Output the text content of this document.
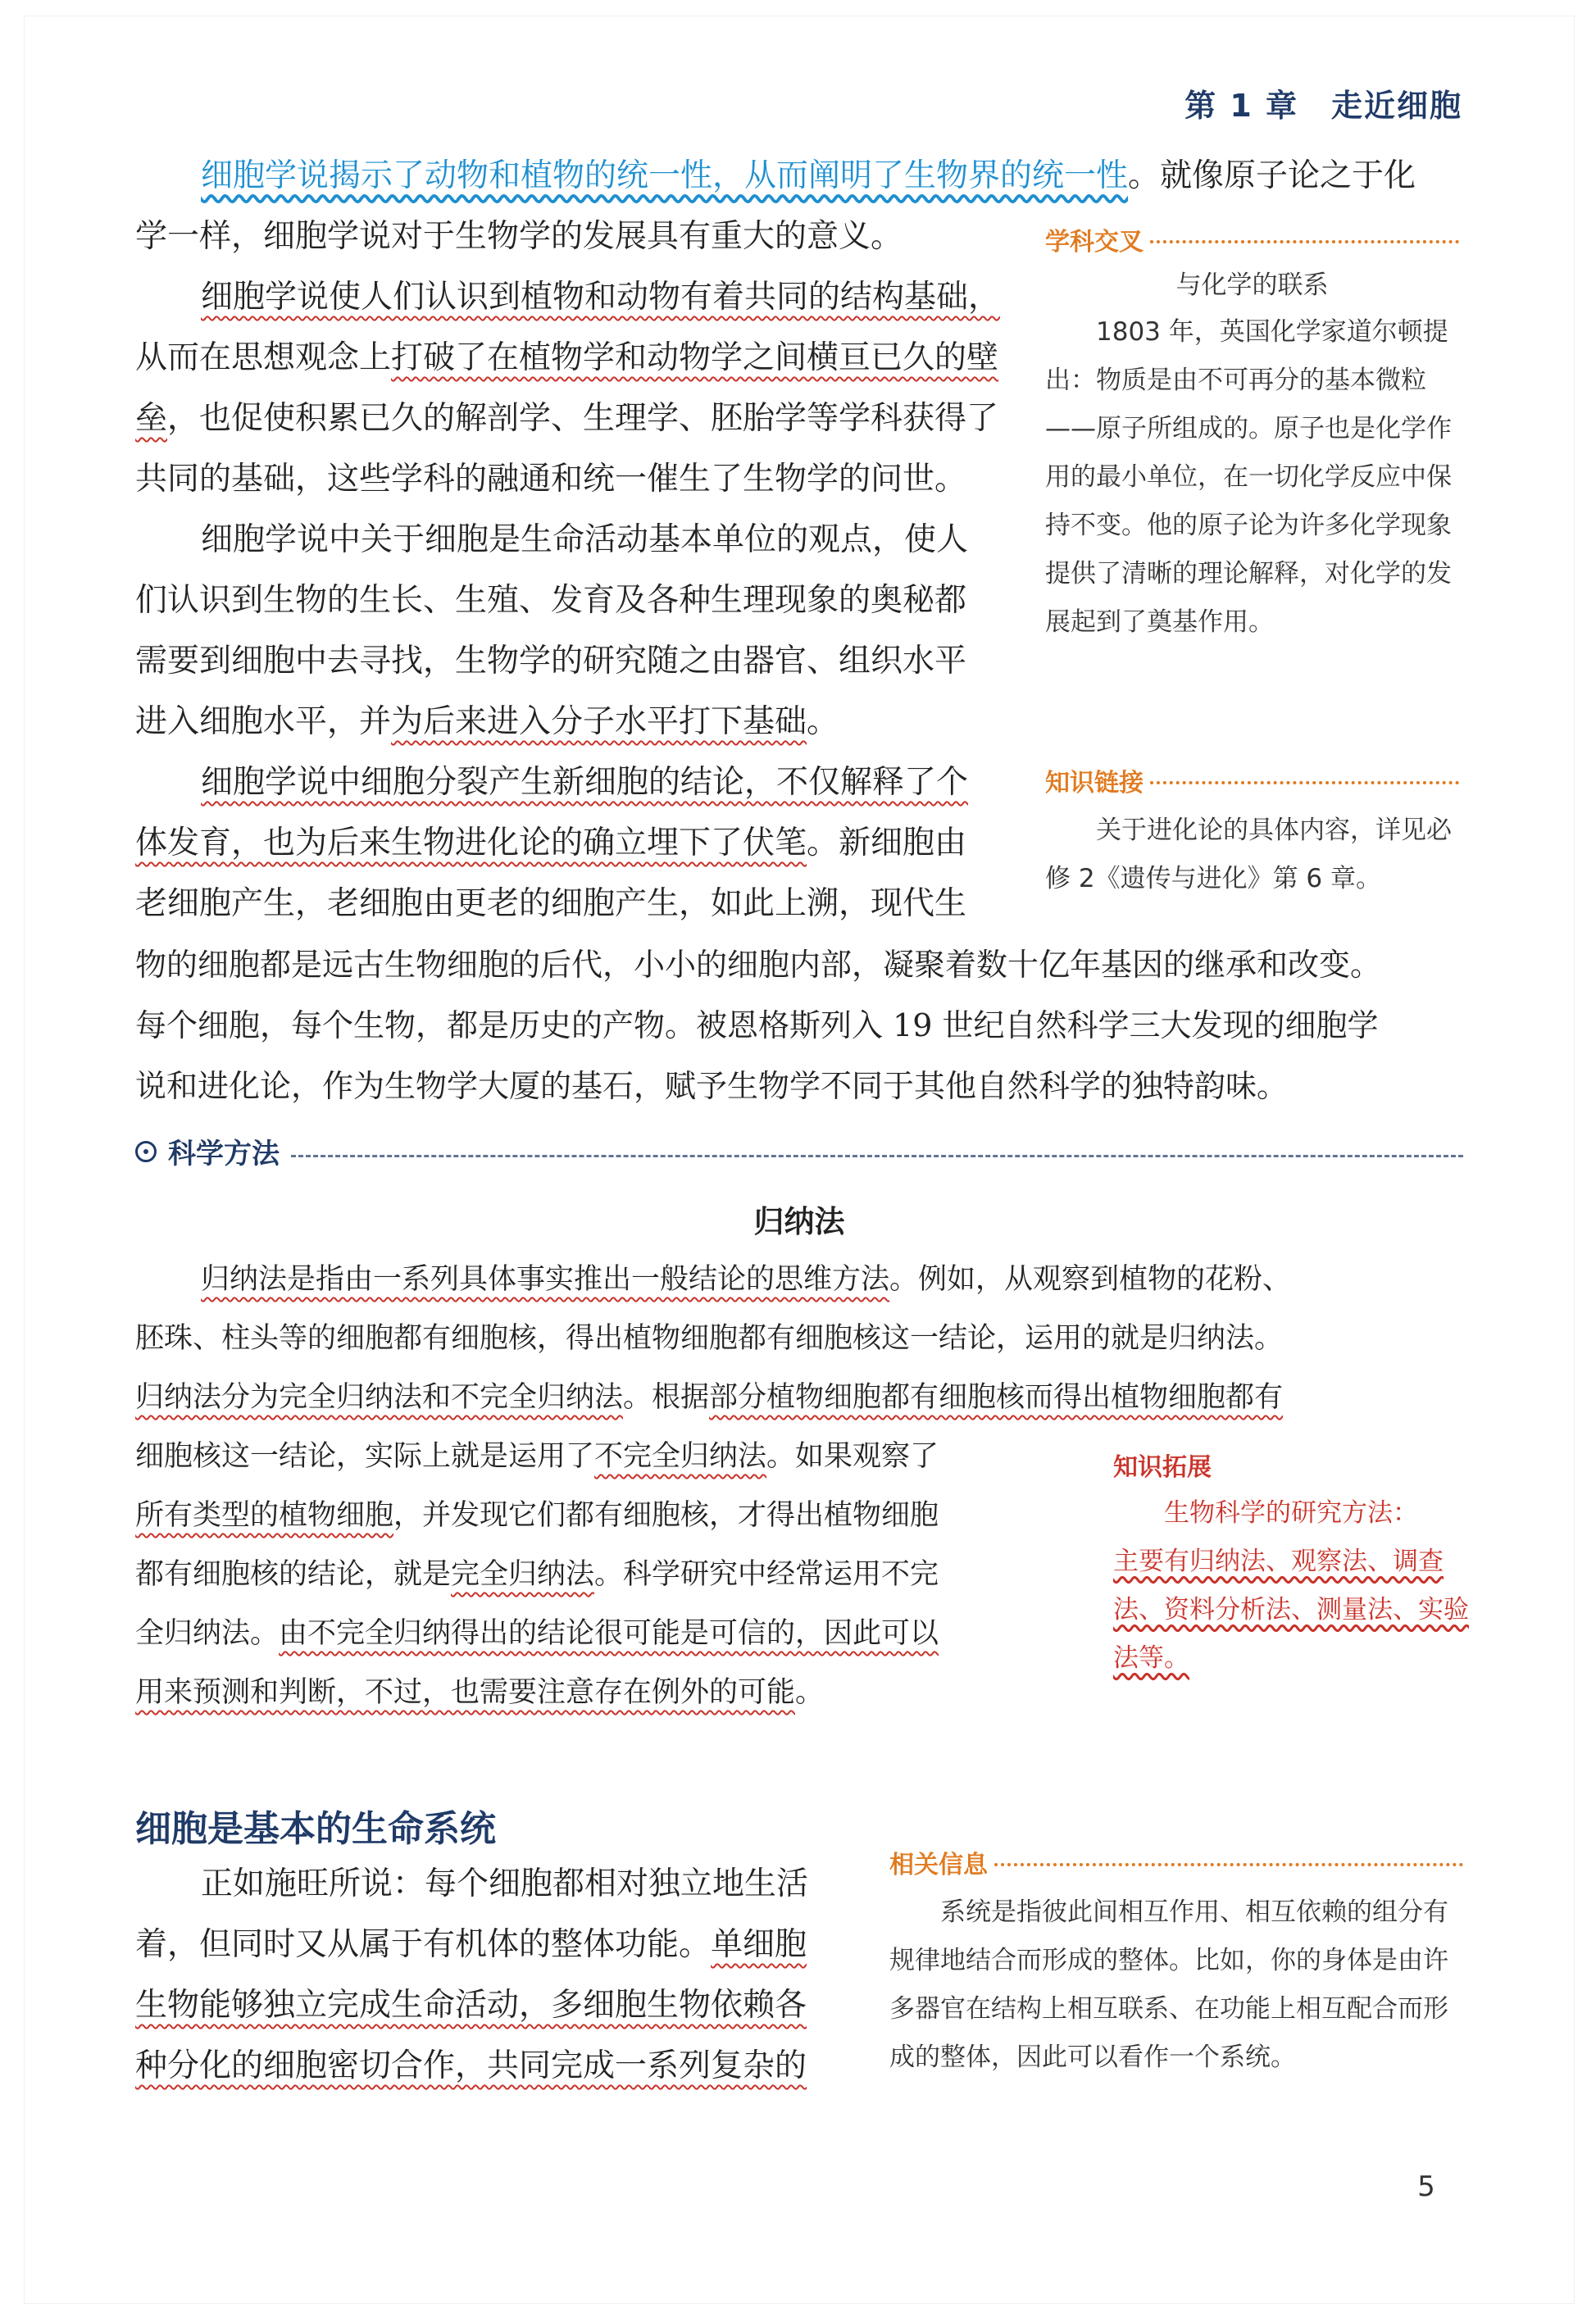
第 1 章　走近细胞

细胞学说揭示了动物和植物的统一性，从而阐明了生物界的统一性。就像原子论之于化

学一样，细胞学说对于生物学的发展具有重大的意义。

细胞学说使人们认识到植物和动物有着共同的结构基础，

从而在思想观念上打破了在植物学和动物学之间横亘已久的壁

垒，也促使积累已久的解剖学、生理学、胚胎学等学科获得了

共同的基础，这些学科的融通和统一催生了生物学的问世。

细胞学说中关于细胞是生命活动基本单位的观点，使人

们认识到生物的生长、生殖、发育及各种生理现象的奥秘都

需要到细胞中去寻找，生物学的研究随之由器官、组织水平

进入细胞水平，并为后来进入分子水平打下基础。

细胞学说中细胞分裂产生新细胞的结论，不仅解释了个

体发育，也为后来生物进化论的确立埋下了伏笔。新细胞由

老细胞产生，老细胞由更老的细胞产生，如此上溯，现代生

物的细胞都是远古生物细胞的后代，小小的细胞内部，凝聚着数十亿年基因的继承和改变。

每个细胞，每个生物，都是历史的产物。被恩格斯列入 19 世纪自然科学三大发现的细胞学

说和进化论，作为生物学大厦的基石，赋予生物学不同于其他自然科学的独特韵味。

学科交叉

与化学的联系

1803 年，英国化学家道尔顿提出：物质是由不可再分的基本微粒——原子所组成的。原子也是化学作用的最小单位，在一切化学反应中保持不变。他的原子论为许多化学现象提供了清晰的理论解释，对化学的发展起到了奠基作用。

知识链接

关于进化论的具体内容，详见必修 2《遗传与进化》第 6 章。

科学方法
归纳法

归纳法是指由一系列具体事实推出一般结论的思维方法。例如，从观察到植物的花粉、

胚珠、柱头等的细胞都有细胞核，得出植物细胞都有细胞核这一结论，运用的就是归纳法。

归纳法分为完全归纳法和不完全归纳法。根据部分植物细胞都有细胞核而得出植物细胞都有

细胞核这一结论，实际上就是运用了不完全归纳法。如果观察了

所有类型的植物细胞，并发现它们都有细胞核，才得出植物细胞

都有细胞核的结论，就是完全归纳法。科学研究中经常运用不完

全归纳法。由不完全归纳得出的结论很可能是可信的，因此可以

用来预测和判断，不过，也需要注意存在例外的可能。

知识拓展

生物科学的研究方法：

主要有归纳法、观察法、调查法、资料分析法、测量法、实验法等。

细胞是基本的生命系统

正如施旺所说：每个细胞都相对独立地生活

着，但同时又从属于有机体的整体功能。单细胞

生物能够独立完成生命活动，多细胞生物依赖各

种分化的细胞密切合作，共同完成一系列复杂的

相关信息

系统是指彼此间相互作用、相互依赖的组分有规律地结合而形成的整体。比如，你的身体是由许多器官在结构上相互联系、在功能上相互配合而形成的整体，因此可以看作一个系统。

5
